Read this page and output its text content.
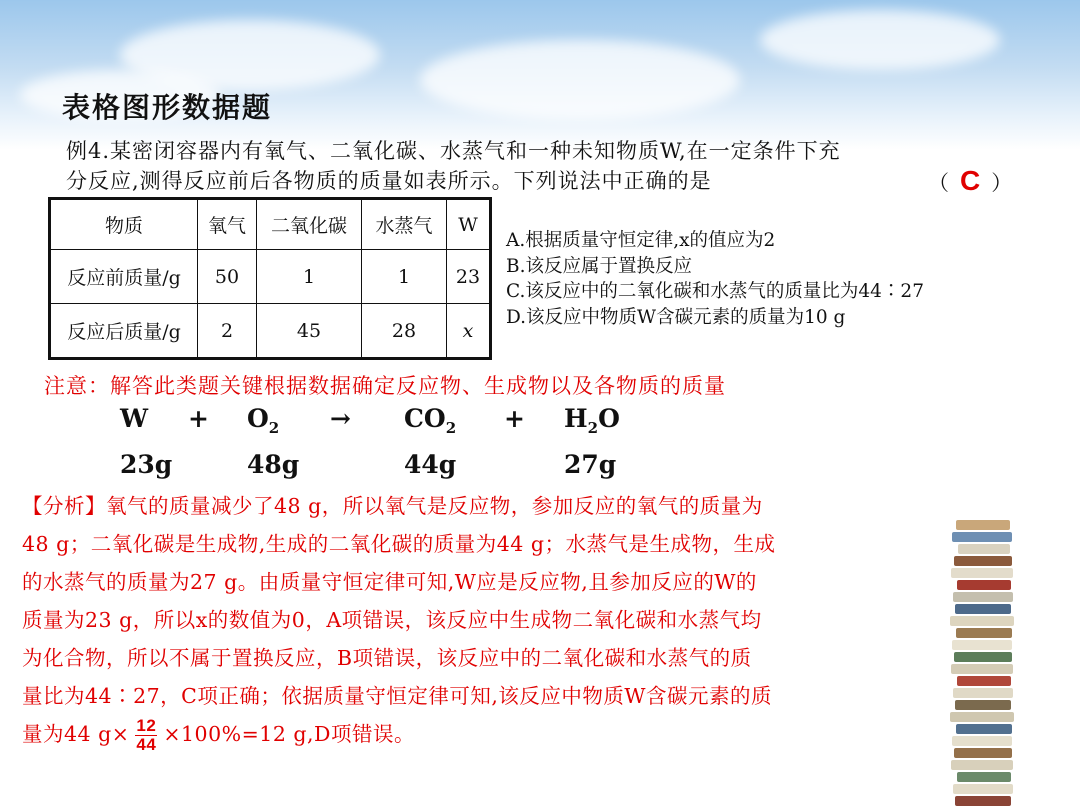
表格图形数据题
例4.某密闭容器内有氧气、二氧化碳、水蒸气和一种未知物质W,在一定条件下充
分反应,测得反应前后各物质的质量如表所示。下列说法中正确的是	（ C ）
物质	氧气	二氧化碳	水蒸气	W
反应前质量/g	50	1	1	23
反应后质量/g	2	45	28	x
A.根据质量守恒定律,x的值应为2
B.该反应属于置换反应
C.该反应中的二氧化碳和水蒸气的质量比为44∶27
D.该反应中物质W含碳元素的质量为10 g
注意：解答此类题关键根据数据确定反应物、生成物以及各物质的质量
$W + O_2 \to CO_2 + H_2O$
23g	48g	44g	27g
【分析】氧气的质量减少了48 g，所以氧气是反应物，参加反应的氧气的质量为
48 g；二氧化碳是生成物,生成的二氧化碳的质量为44 g；水蒸气是生成物，生成
的水蒸气的质量为27 g。由质量守恒定律可知,W应是反应物,且参加反应的W的
质量为23 g，所以x的数值为0，A项错误，该反应中生成物二氧化碳和水蒸气均
为化合物，所以不属于置换反应，B项错误，该反应中的二氧化碳和水蒸气的质
量比为44∶27，C项正确；依据质量守恒定律可知,该反应中物质W含碳元素的质
量为44 $g\times \frac{12}{44} \times 100\%=12$ g,D项错误。
